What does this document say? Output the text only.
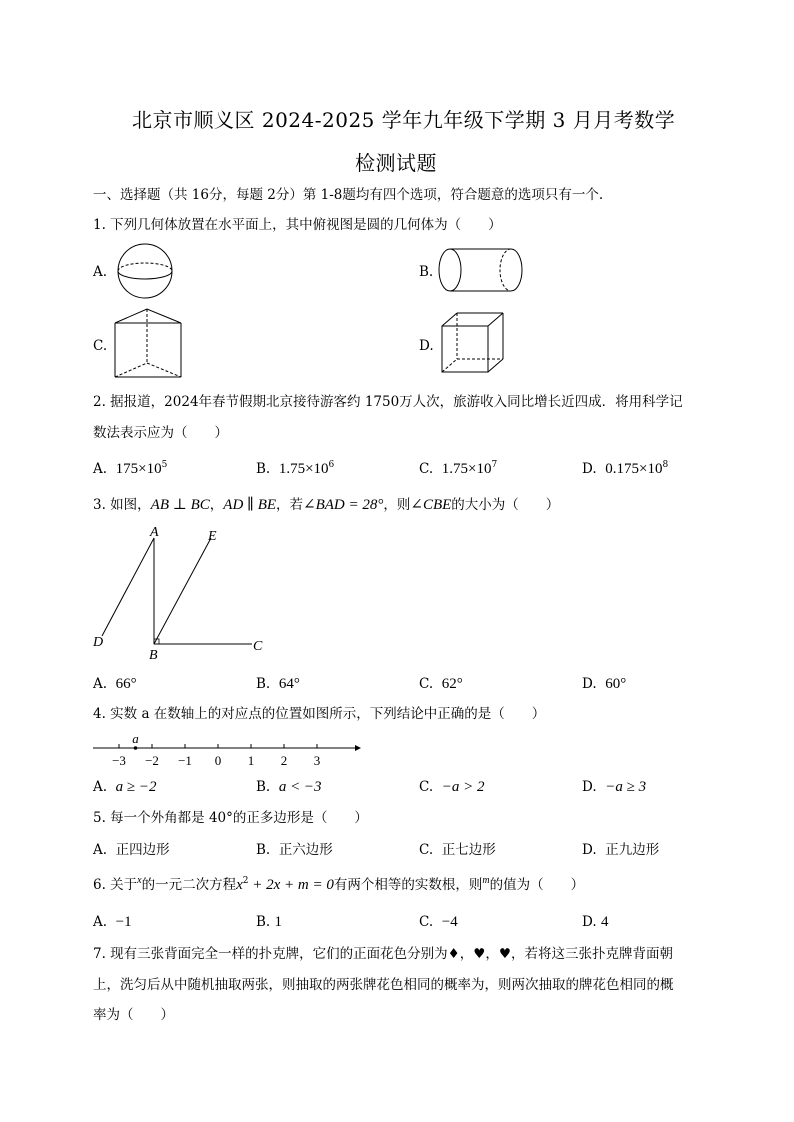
北京市顺义区 2024-2025 学年九年级下学期 3 月月考数学
检测试题
一、选择题（共 16分，每题 2分）第 1-8题均有四个选项，符合题意的选项只有一个.
1. 下列几何体放置在水平面上，其中俯视图是圆的几何体为（　　）
A.	B.
C.	D.
2. 据报道，2024年春节假期北京接待游客约 1750万人次，旅游收入同比增长近四成．将用科学记
数法表示应为（　　）
A. $175\times 10^5$	B. $1.75\times 10^6$	C. $1.75\times 10^7$	D. $0.175\times 10^8$
3. 如图，AB ⊥ BC，AD ∥ BE，若∠BAD = 28°，则∠CBE的大小为（　　）
A	E
D
B
C
A. 66°	B. 64°	C. 62°	D. 60°
4. 实数 a 在数轴上的对应点的位置如图所示，下列结论中正确的是（　　）
−3 −2 −1 0 1 2 3
a
A. a ≥ −2	B. a < −3	C. −a > 2	D. −a ≥ 3
5. 每一个外角都是 40°的正多边形是（　　）
A. 正四边形	B. 正六边形	C. 正七边形	D. 正九边形
6. 关于$^x$的一元二次方程$x^2 + 2x + m = 0$有两个相等的实数根，则$^m$的值为（　　）
A. −1	B. 1	C. −4	D. 4
7. 现有三张背面完全一样的扑克牌，它们的正面花色分别为♦，♥，♥，若将这三张扑克牌背面朝
上，洗匀后从中随机抽取两张，则抽取的两张牌花色相同的概率为，则两次抽取的牌花色相同的概
率为（　　）
